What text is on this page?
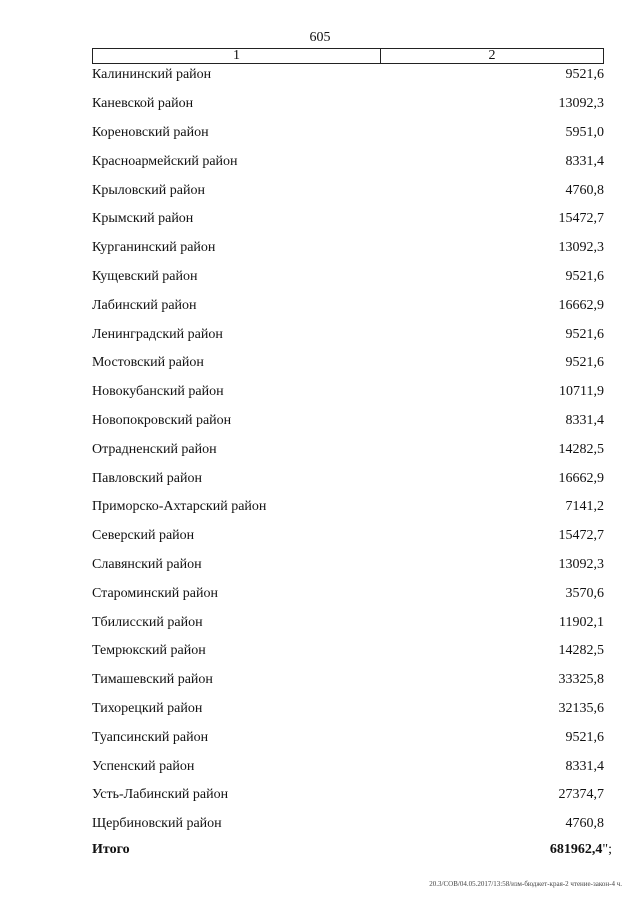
605
1	2
Калининский район	9521,6
Каневской район	13092,3
Кореновский район	5951,0
Красноармейский район	8331,4
Крыловский район	4760,8
Крымский район	15472,7
Курганинский район	13092,3
Кущевский район	9521,6
Лабинский район	16662,9
Ленинградский район	9521,6
Мостовский район	9521,6
Новокубанский район	10711,9
Новопокровский район	8331,4
Отрадненский район	14282,5
Павловский район	16662,9
Приморско-Ахтарский район	7141,2
Северский район	15472,7
Славянский район	13092,3
Староминский район	3570,6
Тбилисский район	11902,1
Темрюкский район	14282,5
Тимашевский район	33325,8
Тихорецкий район	32135,6
Туапсинский район	9521,6
Успенский район	8331,4
Усть-Лабинский район	27374,7
Щербиновский район	4760,8
Итого	681962,4";
20.3/СОВ/04.05.2017/13:58/изм-бюджет-края-2 чтение-закон-4 ч.
